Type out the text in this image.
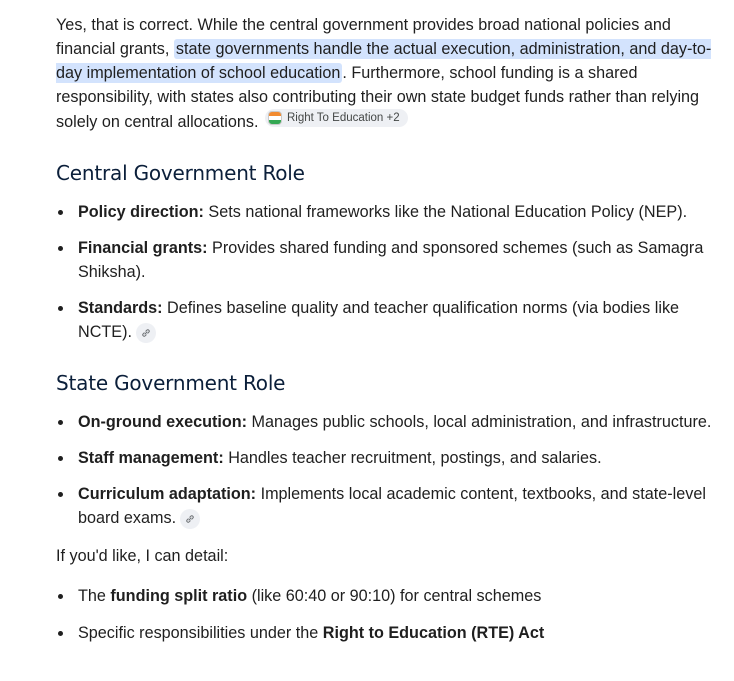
Yes, that is correct. While the central government provides broad national policies and financial grants, state governments handle the actual execution, administration, and day-to-day implementation of school education . Furthermore, school funding is a shared responsibility, with states also contributing their own state budget funds rather than relying solely on central allocations. Right To Education +2

Central Government Role
Policy direction: Sets national frameworks like the National Education Policy (NEP).
Financial grants: Provides shared funding and sponsored schemes (such as Samagra Shiksha).
Standards: Defines baseline quality and teacher qualification norms (via bodies like NCTE).
State Government Role
On-ground execution: Manages public schools, local administration, and infrastructure.
Staff management: Handles teacher recruitment, postings, and salaries.
Curriculum adaptation: Implements local academic content, textbooks, and state-level board exams.

If you'd like, I can detail:

The funding split ratio (like 60:40 or 90:10) for central schemes
Specific responsibilities under the Right to Education (RTE) Act
